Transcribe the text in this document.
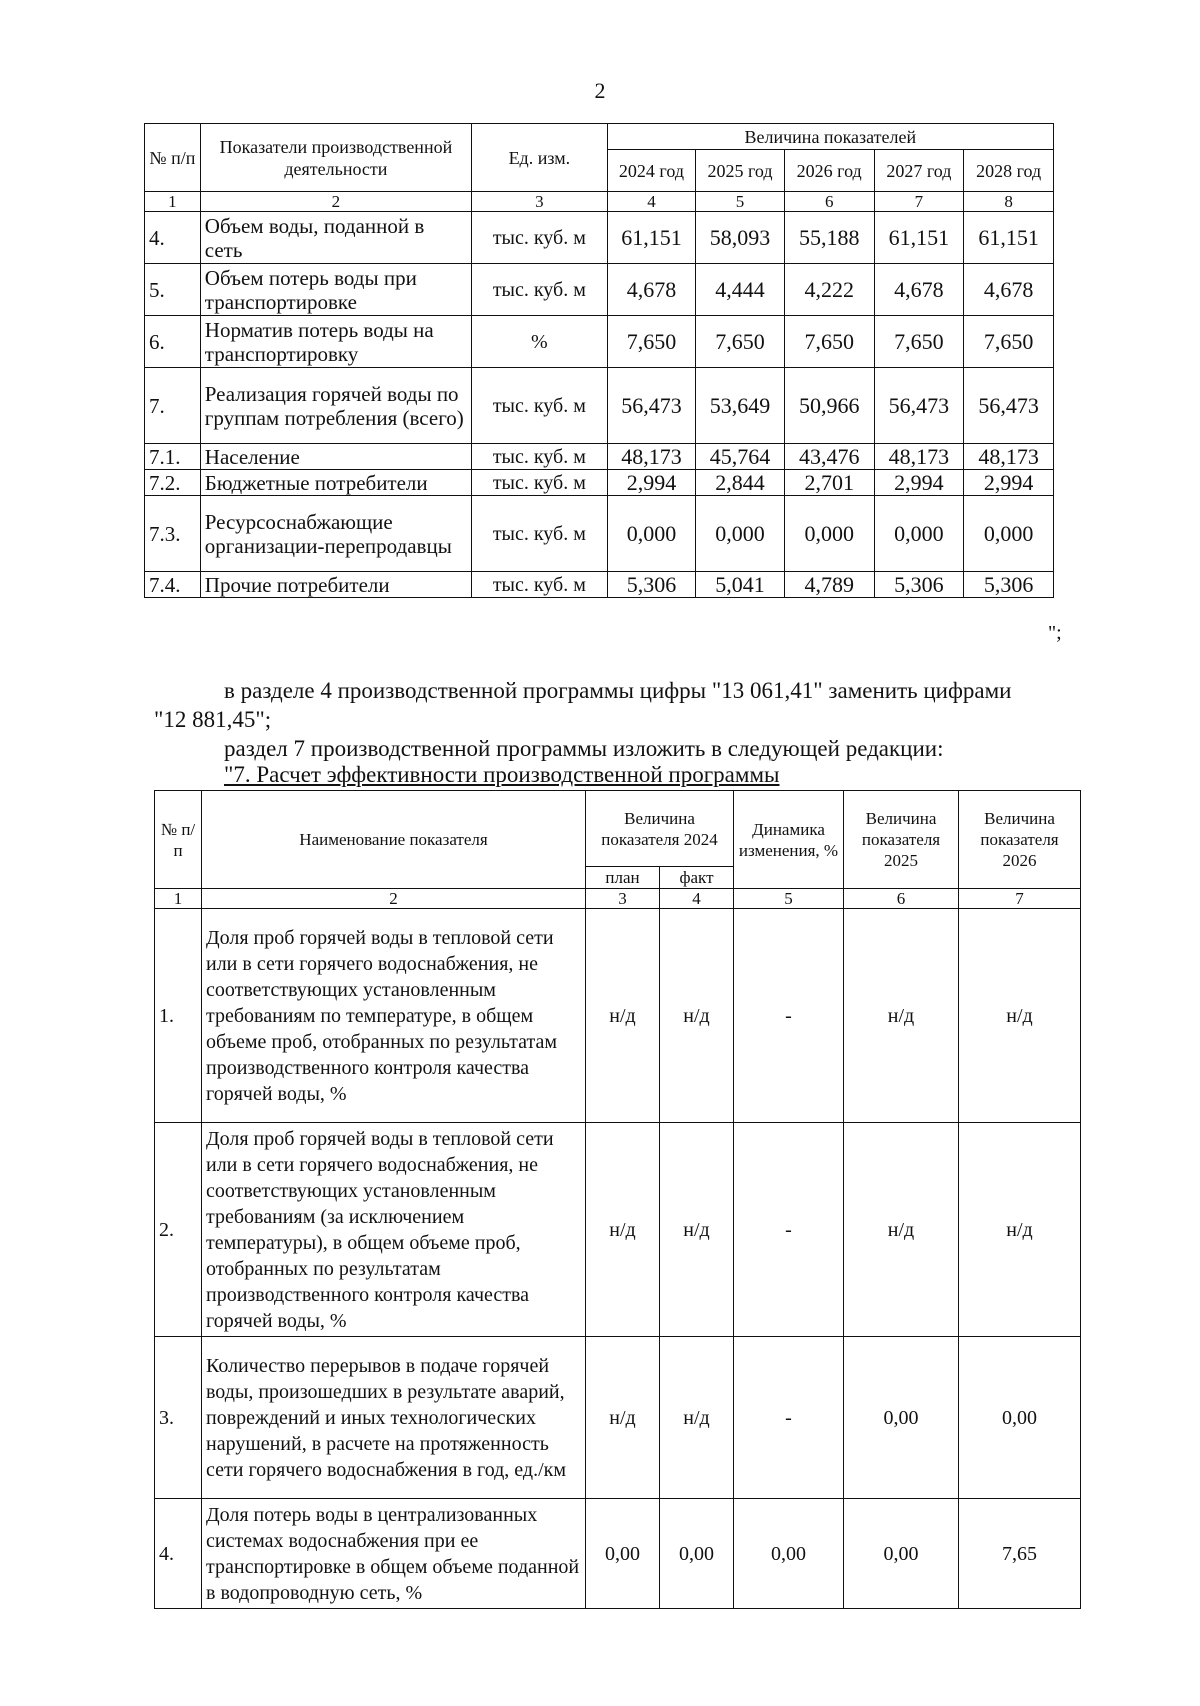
2
№ п/п	Показатели производственной деятельности	Ед. изм.	Величина показателей				
			2024 год	2025 год	2026 год	2027 год	2028 год
1	2	3	4	5	6	7	8
4.	Объем воды, поданной в сеть	тыс. куб. м	61,151	58,093	55,188	61,151	61,151
5.	Объем потерь воды при транспортировке	тыс. куб. м	4,678	4,444	4,222	4,678	4,678
6.	Норматив потерь воды на транспортировку	%	7,650	7,650	7,650	7,650	7,650
7.	Реализация горячей воды по группам потребления (всего)	тыс. куб. м	56,473	53,649	50,966	56,473	56,473
7.1.	Население	тыс. куб. м	48,173	45,764	43,476	48,173	48,173
7.2.	Бюджетные потребители	тыс. куб. м	2,994	2,844	2,701	2,994	2,994
7.3.	Ресурсоснабжающие организации-перепродавцы	тыс. куб. м	0,000	0,000	0,000	0,000	0,000
7.4.	Прочие потребители	тыс. куб. м	5,306	5,041	4,789	5,306	5,306
";
в разделе 4 производственной программы цифры "13 061,41" заменить цифрами
"12 881,45";
раздел 7 производственной программы изложить в следующей редакции:
"7. Расчет эффективности производственной программы
№ п/п	Наименование показателя	Величина показателя 2024		Динамика изменения, %	Величина показателя 2025	Величина показателя 2026
		план	факт			
1	2	3	4	5	6	7
1.	Доля проб горячей воды в тепловой сети или в сети горячего водоснабжения, не соответствующих установленным требованиям по температуре, в общем объеме проб, отобранных по результатам производственного контроля качества горячей воды, %	н/д	н/д	-	н/д	н/д
2.	Доля проб горячей воды в тепловой сети или в сети горячего водоснабжения, не соответствующих установленным требованиям (за исключением температуры), в общем объеме проб, отобранных по результатам производственного контроля качества горячей воды, %	н/д	н/д	-	н/д	н/д
3.	Количество перерывов в подаче горячей воды, произошедших в результате аварий, повреждений и иных технологических нарушений, в расчете на протяженность сети горячего водоснабжения в год, ед./км	н/д	н/д	-	0,00	0,00
4.	Доля потерь воды в централизованных системах водоснабжения при ее транспортировке в общем объеме поданной в водопроводную сеть, %	0,00	0,00	0,00	0,00	7,65
